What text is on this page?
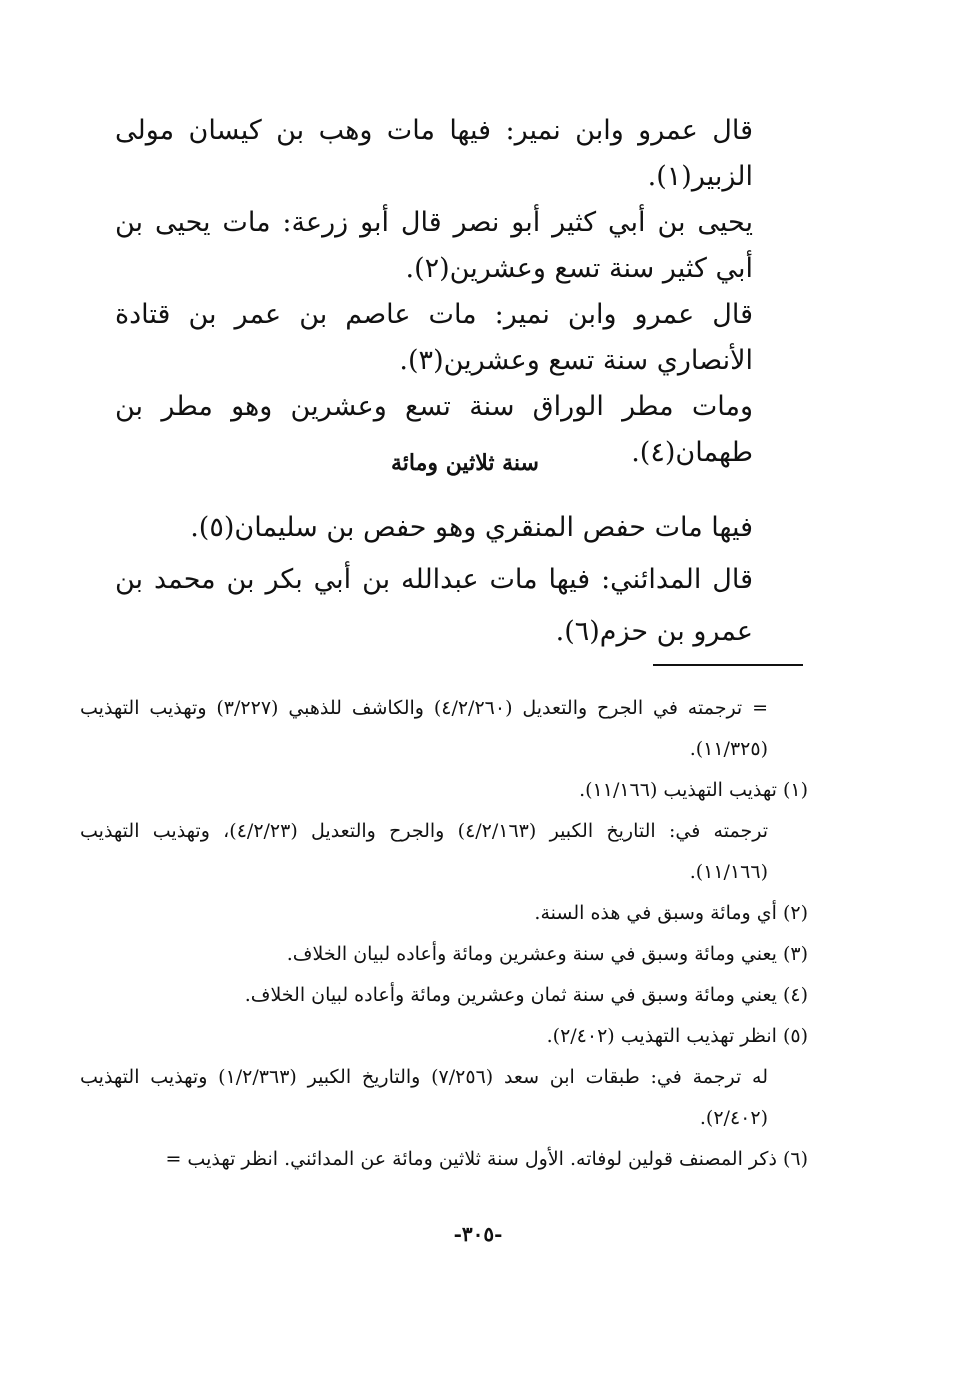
قال عمرو وابن نمير: فيها مات وهب بن كيسان مولى الزبير(١).

يحيى بن أبي كثير أبو نصر قال أبو زرعة: مات يحيى بن أبي كثير سنة تسع وعشرين(٢).

قال عمرو وابن نمير: مات عاصم بن عمر بن قتادة الأنصاري سنة تسع وعشرين(٣).

ومات مطر الوراق سنة تسع وعشرين وهو مطر بن طهمان(٤).

سنة ثلاثين ومائة

فيها مات حفص المنقري وهو حفص بن سليمان(٥).

قال المدائني: فيها مات عبدالله بن أبي بكر بن محمد بن عمرو بن حزم(٦).

= ترجمته في الجرح والتعديل (٤/٢/٢٦٠) والكاشف للذهبي (٣/٢٢٧) وتهذيب التهذيب (١١/٣٢٥).

(١) تهذيب التهذيب (١١/١٦٦).

ترجمته في: التاريخ الكبير (٤/٢/١٦٣) والجرح والتعديل (٤/٢/٢٣)، وتهذيب التهذيب (١١/١٦٦).

(٢) أي ومائة وسبق في هذه السنة.

(٣) يعني ومائة وسبق في سنة وعشرين ومائة وأعاده لبيان الخلاف.

(٤) يعني ومائة وسبق في سنة ثمان وعشرين ومائة وأعاده لبيان الخلاف.

(٥) انظر تهذيب التهذيب (٢/٤٠٢).

له ترجمة في: طبقات ابن سعد (٧/٢٥٦) والتاريخ الكبير (١/٢/٣٦٣) وتهذيب التهذيب (٢/٤٠٢).

(٦) ذكر المصنف قولين لوفاته. الأول سنة ثلاثين ومائة عن المدائني. انظر تهذيب =

-٣٠٥-
